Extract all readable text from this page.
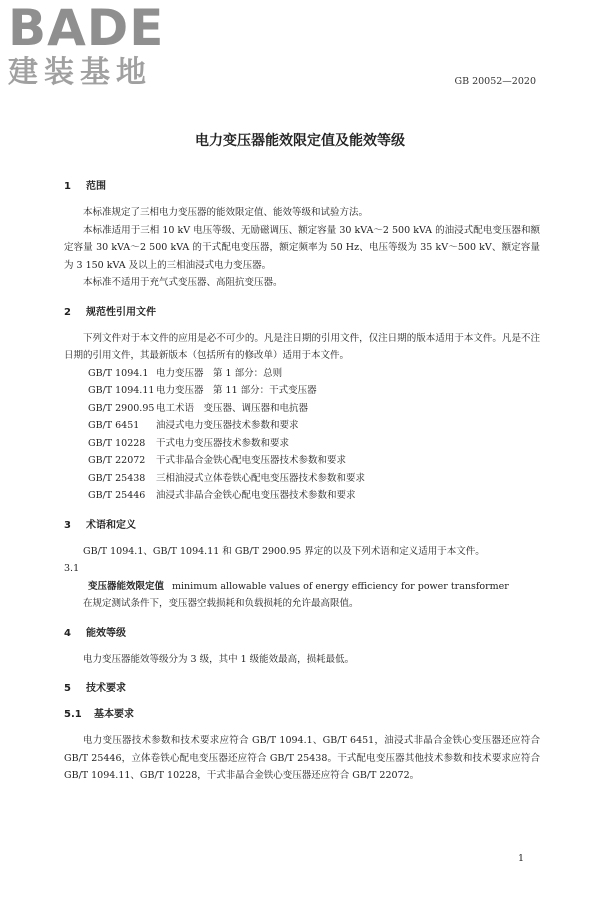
BADE
建装基地	GB 20052—2020
电力变压器能效限定值及能效等级

1 范围

本标准规定了三相电力变压器的能效限定值、能效等级和试验方法。

本标准适用于三相 10 kV 电压等级、无励磁调压、额定容量 30 kVA～2 500 kVA 的油浸式配电变压器和额定容量 30 kVA～2 500 kVA 的干式配电变压器，额定频率为 50 Hz、电压等级为 35 kV～500 kV、额定容量为 3 150 kVA 及以上的三相油浸式电力变压器。

本标准不适用于充气式变压器、高阻抗变压器。

2 规范性引用文件

下列文件对于本文件的应用是必不可少的。凡是注日期的引用文件，仅注日期的版本适用于本文件。凡是不注日期的引用文件，其最新版本（包括所有的修改单）适用于本文件。

GB/T 1094.1 电力变压器　第 1 部分：总则

GB/T 1094.11 电力变压器　第 11 部分：干式变压器

GB/T 2900.95 电工术语　变压器、调压器和电抗器

GB/T 6451 油浸式电力变压器技术参数和要求

GB/T 10228 干式电力变压器技术参数和要求

GB/T 22072 干式非晶合金铁心配电变压器技术参数和要求

GB/T 25438 三相油浸式立体卷铁心配电变压器技术参数和要求

GB/T 25446 油浸式非晶合金铁心配电变压器技术参数和要求

3 术语和定义

GB/T 1094.1、GB/T 1094.11 和 GB/T 2900.95 界定的以及下列术语和定义适用于本文件。

3.1

变压器能效限定值 minimum allowable values of energy efficiency for power transformer

在规定测试条件下，变压器空载损耗和负载损耗的允许最高限值。

4 能效等级

电力变压器能效等级分为 3 级，其中 1 级能效最高，损耗最低。

5 技术要求

5.1 基本要求

电力变压器技术参数和技术要求应符合 GB/T 1094.1、GB/T 6451，油浸式非晶合金铁心变压器还应符合 GB/T 25446，立体卷铁心配电变压器还应符合 GB/T 25438。干式配电变压器其他技术参数和技术要求应符合 GB/T 1094.11、GB/T 10228，干式非晶合金铁心变压器还应符合 GB/T 22072。

1
